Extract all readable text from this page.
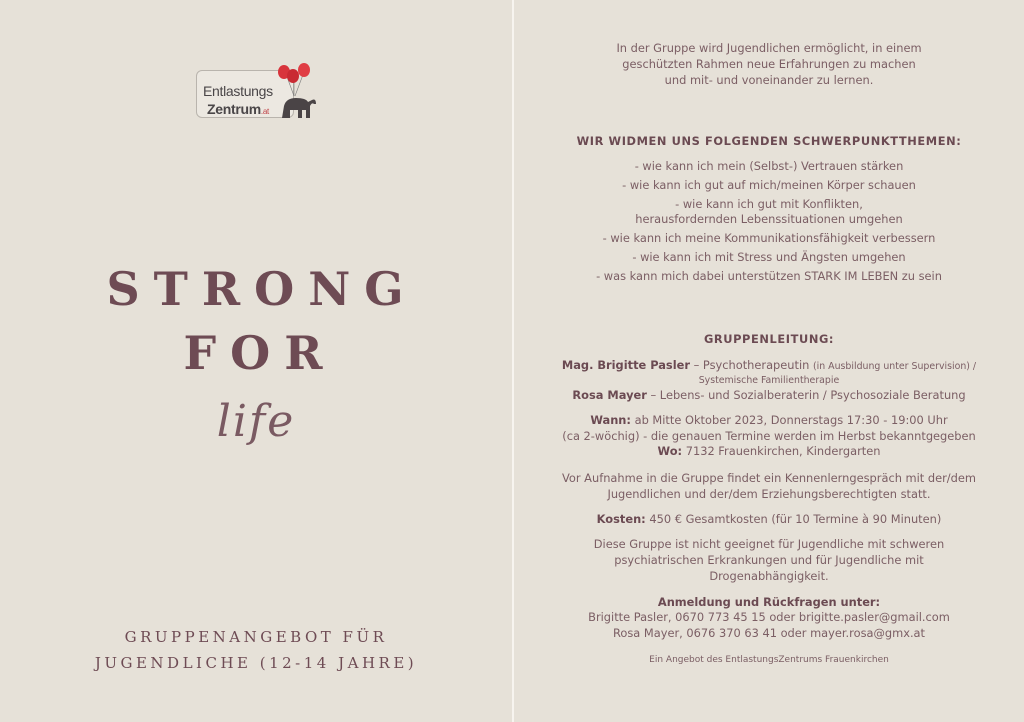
Entlastungs
Zentrum.at
STRONG
FOR
life
GRUPPENANGEBOT FÜR
JUGENDLICHE (12-14 JAHRE)
In der Gruppe wird Jugendlichen ermöglicht, in einem
geschützten Rahmen neue Erfahrungen zu machen
und mit- und voneinander zu lernen.
WIR WIDMEN UNS FOLGENDEN SCHWERPUNKTTHEMEN:
- wie kann ich mein (Selbst-) Vertrauen stärken
- wie kann ich gut auf mich/meinen Körper schauen
- wie kann ich gut mit Konflikten,
herausfordernden Lebenssituationen umgehen
- wie kann ich meine Kommunikationsfähigkeit verbessern
- wie kann ich mit Stress und Ängsten umgehen
- was kann mich dabei unterstützen STARK IM LEBEN zu sein
GRUPPENLEITUNG:
Mag. Brigitte Pasler – Psychotherapeutin (in Ausbildung unter Supervision) /
Systemische Familientherapie
Rosa Mayer – Lebens- und Sozialberaterin / Psychosoziale Beratung
Wann: ab Mitte Oktober 2023, Donnerstags 17:30 - 19:00 Uhr
(ca 2-wöchig) - die genauen Termine werden im Herbst bekanntgegeben
Wo: 7132 Frauenkirchen, Kindergarten
Vor Aufnahme in die Gruppe findet ein Kennenlerngespräch mit der/dem
Jugendlichen und der/dem Erziehungsberechtigten statt.
Kosten: 450 € Gesamtkosten (für 10 Termine à 90 Minuten)
Diese Gruppe ist nicht geeignet für Jugendliche mit schweren
psychiatrischen Erkrankungen und für Jugendliche mit
Drogenabhängigkeit.
Anmeldung und Rückfragen unter:
Brigitte Pasler, 0670 773 45 15 oder brigitte.pasler@gmail.com
Rosa Mayer, 0676 370 63 41 oder mayer.rosa@gmx.at
Ein Angebot des EntlastungsZentrums Frauenkirchen
